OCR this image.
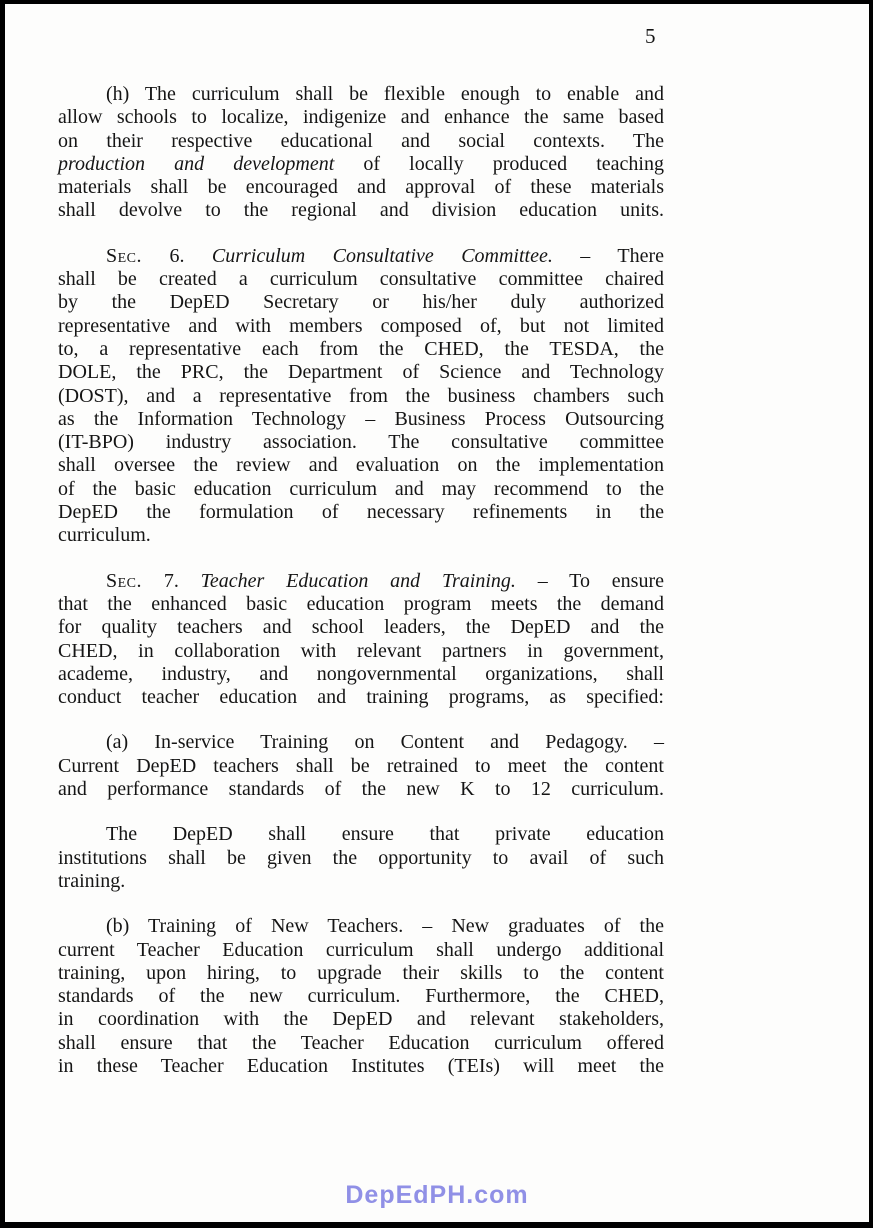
5
(h) The curriculum shall be flexible enough to enable and
allow schools to localize, indigenize and enhance the same based
on their respective educational and social contexts. The
production and development of locally produced teaching
materials shall be encouraged and approval of these materials
shall devolve to the regional and division education units.
Sec. 6. Curriculum Consultative Committee. – There
shall be created a curriculum consultative committee chaired
by the DepED Secretary or his/her duly authorized
representative and with members composed of, but not limited
to, a representative each from the CHED, the TESDA, the
DOLE, the PRC, the Department of Science and Technology
(DOST), and a representative from the business chambers such
as the Information Technology – Business Process Outsourcing
(IT-BPO) industry association. The consultative committee
shall oversee the review and evaluation on the implementation
of the basic education curriculum and may recommend to the
DepED the formulation of necessary refinements in the
curriculum.
Sec. 7. Teacher Education and Training. – To ensure
that the enhanced basic education program meets the demand
for quality teachers and school leaders, the DepED and the
CHED, in collaboration with relevant partners in government,
academe, industry, and nongovernmental organizations, shall
conduct teacher education and training programs, as specified:
(a) In-service Training on Content and Pedagogy. –
Current DepED teachers shall be retrained to meet the content
and performance standards of the new K to 12 curriculum.
The DepED shall ensure that private education
institutions shall be given the opportunity to avail of such
training.
(b) Training of New Teachers. – New graduates of the
current Teacher Education curriculum shall undergo additional
training, upon hiring, to upgrade their skills to the content
standards of the new curriculum. Furthermore, the CHED,
in coordination with the DepED and relevant stakeholders,
shall ensure that the Teacher Education curriculum offered
in these Teacher Education Institutes (TEIs) will meet the
DepEdPH.com
